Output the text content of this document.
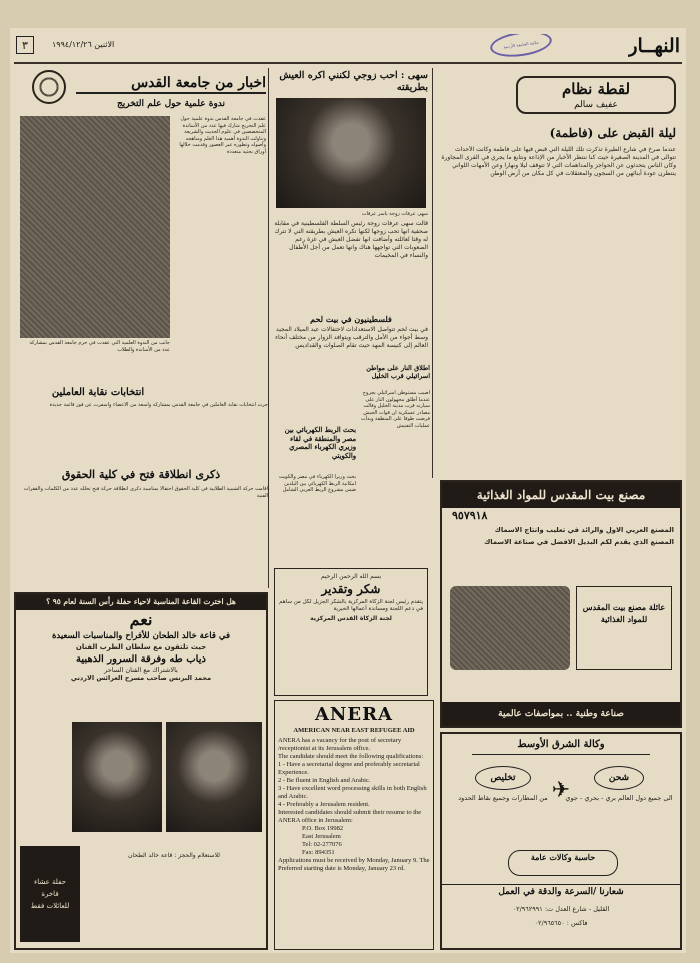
النهــار
٣	الاثنين ١٩٩٤/١٢/٢٦	مكتبة الجامعة الأردنية
لقطة نظام
عفيف سالم
ليلة القبض على (فاطمة)
عندما صرخ في شارع الطيرة تذكرت تلك الليلة التي قبض فيها على فاطمة وكانت الأحداث تتوالى في المدينة الصغيرة حيث كنا ننتظر الأخبار من الإذاعة ونتابع ما يجري في القرى المجاورة وكان الناس يتحدثون عن الحواجز والمداهمات التي لا تتوقف ليلا ونهارا وعن الأمهات اللواتي ينتظرن عودة أبنائهن من السجون والمعتقلات في كل مكان من أرض الوطن
سهى : احب زوجي لكنني اكره العيش بطريقته
سهى عرفات زوجة ياسر عرفات
قالت سهى عرفات زوجة رئيس السلطة الفلسطينية في مقابلة صحفية انها تحب زوجها لكنها تكره العيش بطريقته التي لا تترك له وقتا لعائلته وأضافت انها تفضل العيش في غزة رغم الصعوبات التي تواجهها هناك وانها تعمل من أجل الأطفال والنساء في المخيمات
فلسطينيون في بيت لحم
في بيت لحم تتواصل الاستعدادات لاحتفالات عيد الميلاد المجيد وسط أجواء من الأمل والترقب ويتوافد الزوار من مختلف أنحاء العالم إلى كنيسة المهد حيث تقام الصلوات والقداديس
اطلاق النار على مواطن اسرائيلي قرب الخليل
أصيب مستوطن اسرائيلي بجروح عندما أطلق مجهولون النار على سيارته قرب مدينة الخليل وقالت مصادر عسكرية ان قوات الجيش فرضت طوقا على المنطقة وبدأت عمليات التفتيش
بحث الربط الكهربائي بين مصر والمنطقة في لقاء وزيري الكهرباء المصري والكويتي
بحث وزيرا الكهرباء في مصر والكويت امكانية الربط الكهربائي بين البلدين ضمن مشروع الربط العربي الشامل
اخبار من جامعة القدس
ندوة علمية حول علم التخريج
جانب من الندوة العلمية التي عقدت في حرم جامعة القدس بمشاركة عدد من الأساتذة والطلاب
عقدت في جامعة القدس ندوة علمية حول علم التخريج شارك فيها عدد من الأساتذة المتخصصين في علوم الحديث والشريعة وتناولت الندوة أهمية هذا العلم ومناهجه وأصوله وتطوره عبر العصور وقدمت خلالها أوراق بحثية متعددة
انتخابات نقابة العاملين
جرت انتخابات نقابة العاملين في جامعة القدس بمشاركة واسعة من الأعضاء وأسفرت عن فوز قائمة جديدة
ذكرى انطلاقة فتح في كلية الحقوق
أقامت حركة الشبيبة الطلابية في كلية الحقوق احتفالا بمناسبة ذكرى انطلاقة حركة فتح تخلله عدد من الكلمات والفقرات الفنية
بسم الله الرحمن الرحيم
شكر وتقدير
يتقدم رئيس لجنة الزكاة المركزية بالشكر الجزيل لكل من ساهم في دعم اللجنة ومساندة أعمالها الخيرية
لجنة الزكاة القدس المركزية
هل اخترت القاعة المناسبة لاحياء حفلة رأس السنة لعام ٩٥ ؟
نعم
في قاعة خالد الطحان للأفراح والمناسبات السعيدة
حيث تلتقون مع سلطان الطرب الفنان
ذياب طه وفرقة السرور الذهبية
بالاشتراك مع الفنان الساحر
محمد البرنس صاحب مسرح العرائس الاردني
حفلة عشاء
فاخرة
للعائلات فقط
للاستعلام والحجز : قاعة خالد الطحان
ANERA
AMERICAN NEAR EAST REFUGEE AID
ANERA has a vacancy for the post of secretary /receptionist at its Jerusalem office.
The candidate should meet the following qualifications:
1 - Have a secretarial degree and preferably secretarial Experience.
2 - Be fluent in English and Arabic.
3 - Have excellent word processing skills in both English and Arabic.
4 - Preferably a Jerusalem resident.
Interested candidates should submit their resume to the ANERA office in Jerusalem:
P.O. Box 19982
East Jerusalem
Tel: 02-277076
Fax: 894351
Applications must be received by Monday, January 9. The Preferred starting date is Monday, January 23 rd.
مصنع بيت المقدس للمواد الغذائية
٩٥٧٩١٨
المصنع العربي الاول والرائد في تعليب وانتاج الاسماك
المصنع الذي يقدم لكم البديل الافضل في صناعة الاسماك
عائلة مصنع بيت المقدس للمواد الغذائية
صناعة وطنية .. بمواصفات عالمية
وكالة الشرق الأوسط
شحن
الى جميع دول العالم بري - بحري - جوي
تخليص
من المطارات وجميع نقاط الحدود ✈
حاسبة وكالات عامة
شعارنا /السرعة والدقة في العمل
القليل - شارع العدل ت: ٠٢/٩٦٢٩٩١
فاكس : ٠٢/٩٦٥٦٥٠
